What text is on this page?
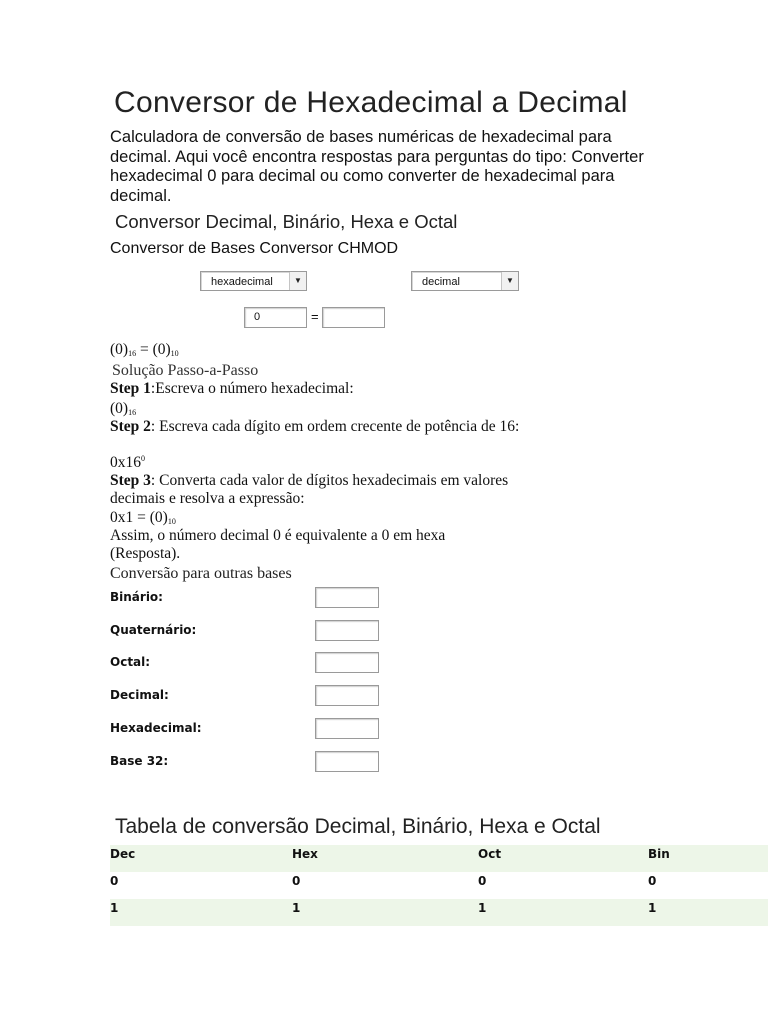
Conversor de Hexadecimal a Decimal
Calculadora de conversão de bases numéricas de hexadecimal para decimal. Aqui você encontra respostas para perguntas do tipo: Converter hexadecimal 0 para decimal ou como converter de hexadecimal para decimal.
Conversor Decimal, Binário, Hexa e Octal
Conversor de Bases Conversor CHMOD
hexadecimal	▼	decimal	▼
0	=
$(0)_{16} = (0)_{10}$
Solução Passo-a-Passo
Step 1:Escreva o número hexadecimal:
$(0)_{16}$
Step 2: Escreva cada dígito em ordem crecente de potência de 16:
$0x16^0$
Step 3: Converta cada valor de dígitos hexadecimais em valores decimais e resolva a expressão:
$0x1 = (0)_{10}$
Assim, o número decimal 0 é equivalente a 0 em hexa (Resposta).
Conversão para outras bases
Binário:
Quaternário:
Octal:
Decimal:
Hexadecimal:
Base 32:
Tabela de conversão Decimal, Binário, Hexa e Octal
Dec	Hex	Oct	Bin
0	0	0	0
1	1	1	1
